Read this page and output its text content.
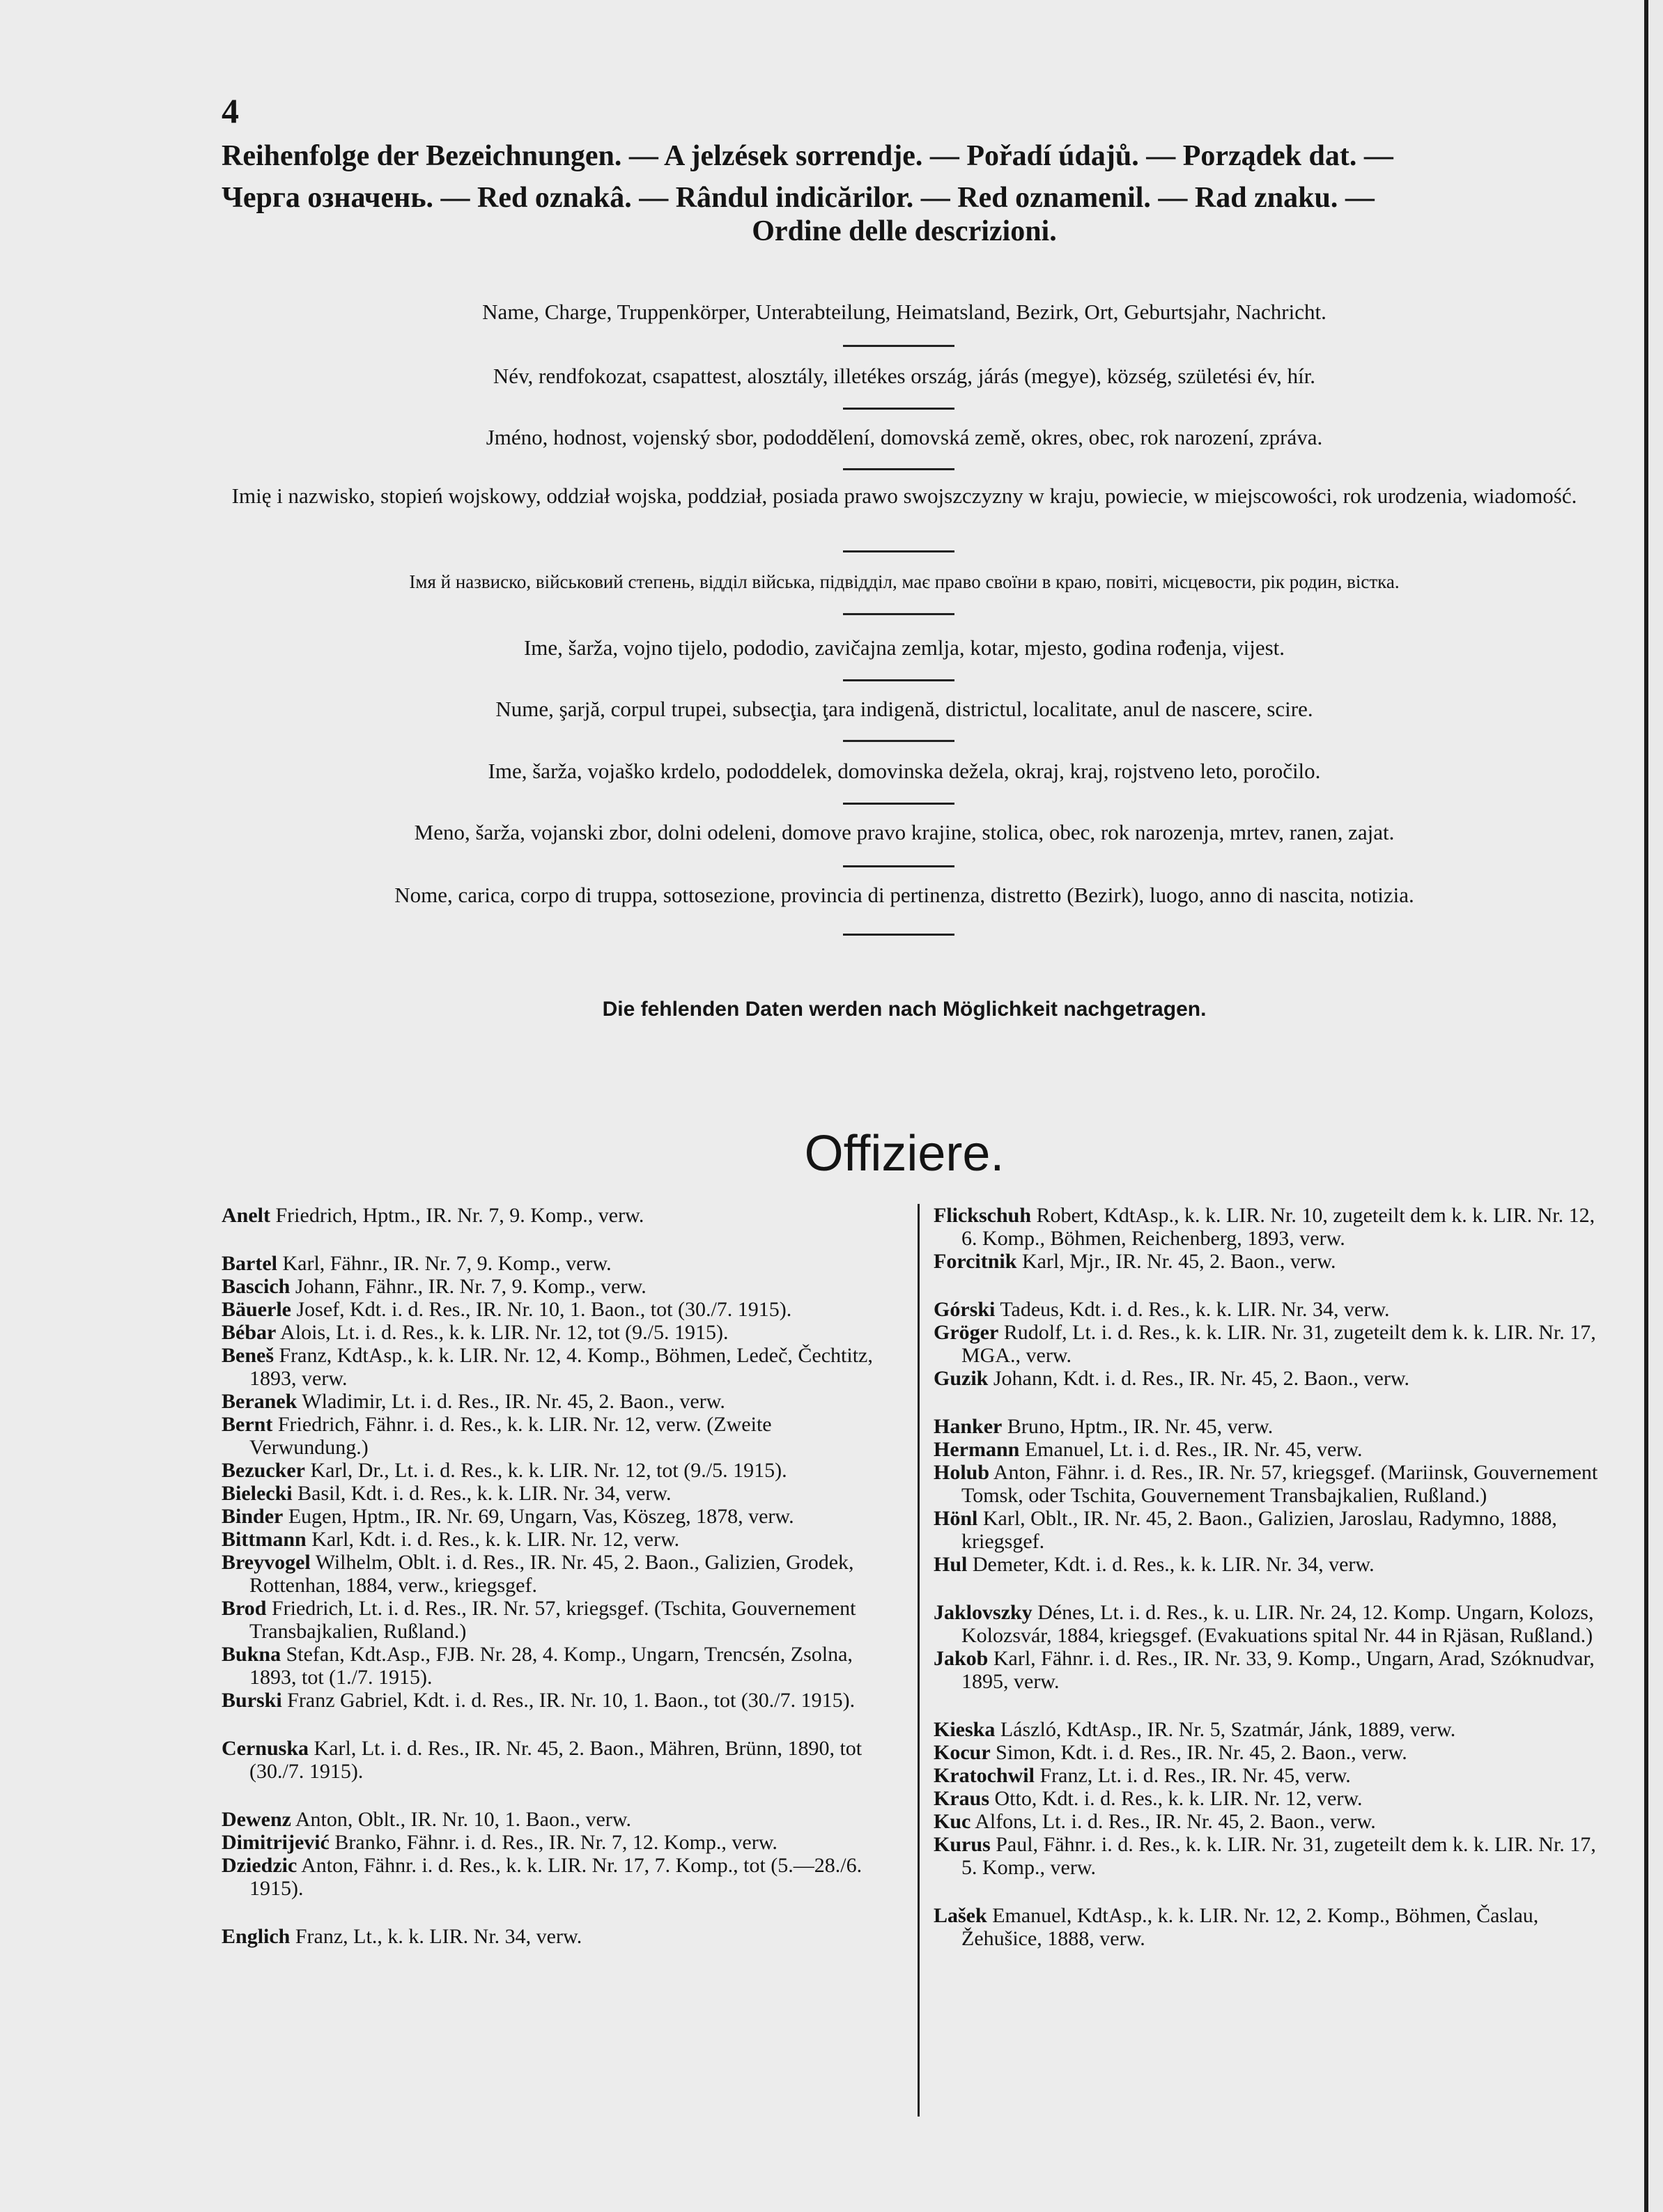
4
Reihenfolge der Bezeichnungen. — A jelzések sorrendje. — Pořadí údajů. — Porządek dat. —
Черга означень. — Red oznakâ. — Rândul indicărilor. — Red oznamenil. — Rad znaku. —
Ordine delle descrizioni.
Name, Charge, Truppenkörper, Unterabteilung, Heimatsland, Bezirk, Ort, Geburtsjahr, Nachricht.
Név, rendfokozat, csapattest, alosztály, illetékes ország, járás (megye), község, születési év, hír.
Jméno, hodnost, vojenský sbor, pododdělení, domovská země, okres, obec, rok narození, zpráva.
Imię i nazwisko, stopień wojskowy, oddział wojska, poddział, posiada prawo swojszczyzny w kraju, powiecie, w miejscowości, rok urodzenia, wiadomość.
Імя й назвиско, військовий степень, відділ війська, підвідділ, має право своїни в краю, повіті, місцевости, рік родин, вістка.
Ime, šarža, vojno tijelo, pododio, zavičajna zemlja, kotar, mjesto, godina rođenja, vijest.
Nume, şarjă, corpul trupei, subsecţia, ţara indigenă, districtul, localitate, anul de nascere, scire.
Ime, šarža, vojaško krdelo, pododdelek, domovinska dežela, okraj, kraj, rojstveno leto, poročilo.
Meno, šarža, vojanski zbor, dolni odeleni, domove pravo krajine, stolica, obec, rok narozenja, mrtev, ranen, zajat.
Nome, carica, corpo di truppa, sottosezione, provincia di pertinenza, distretto (Bezirk), luogo, anno di nascita, notizia.
Die fehlenden Daten werden nach Möglichkeit nachgetragen.
Offiziere.

Anelt Friedrich, Hptm., IR. Nr. 7, 9. Komp., verw.

Bartel Karl, Fähnr., IR. Nr. 7, 9. Komp., verw.

Bascich Johann, Fähnr., IR. Nr. 7, 9. Komp., verw.

Bäuerle Josef, Kdt. i. d. Res., IR. Nr. 10, 1. Baon., tot (30./7. 1915).

Bébar Alois, Lt. i. d. Res., k. k. LIR. Nr. 12, tot (9./5. 1915).

Beneš Franz, KdtAsp., k. k. LIR. Nr. 12, 4. Komp., Böhmen, Ledeč, Čechtitz, 1893, verw.

Beranek Wladimir, Lt. i. d. Res., IR. Nr. 45, 2. Baon., verw.

Bernt Friedrich, Fähnr. i. d. Res., k. k. LIR. Nr. 12, verw. (Zweite Verwundung.)

Bezucker Karl, Dr., Lt. i. d. Res., k. k. LIR. Nr. 12, tot (9./5. 1915).

Bielecki Basil, Kdt. i. d. Res., k. k. LIR. Nr. 34, verw.

Binder Eugen, Hptm., IR. Nr. 69, Ungarn, Vas, Köszeg, 1878, verw.

Bittmann Karl, Kdt. i. d. Res., k. k. LIR. Nr. 12, verw.

Breyvogel Wilhelm, Oblt. i. d. Res., IR. Nr. 45, 2. Baon., Galizien, Grodek, Rottenhan, 1884, verw., kriegsgef.

Brod Friedrich, Lt. i. d. Res., IR. Nr. 57, kriegsgef. (Tschita, Gouvernement Transbajkalien, Rußland.)

Bukna Stefan, Kdt.Asp., FJB. Nr. 28, 4. Komp., Ungarn, Trencsén, Zsolna, 1893, tot (1./7. 1915).

Burski Franz Gabriel, Kdt. i. d. Res., IR. Nr. 10, 1. Baon., tot (30./7. 1915).

Cernuska Karl, Lt. i. d. Res., IR. Nr. 45, 2. Baon., Mähren, Brünn, 1890, tot (30./7. 1915).

Dewenz Anton, Oblt., IR. Nr. 10, 1. Baon., verw.

Dimitrijević Branko, Fähnr. i. d. Res., IR. Nr. 7, 12. Komp., verw.

Dziedzic Anton, Fähnr. i. d. Res., k. k. LIR. Nr. 17, 7. Komp., tot (5.—28./6. 1915).

Englich Franz, Lt., k. k. LIR. Nr. 34, verw.

Flickschuh Robert, KdtAsp., k. k. LIR. Nr. 10, zugeteilt dem k. k. LIR. Nr. 12, 6. Komp., Böhmen, Reichenberg, 1893, verw.

Forcitnik Karl, Mjr., IR. Nr. 45, 2. Baon., verw.

Górski Tadeus, Kdt. i. d. Res., k. k. LIR. Nr. 34, verw.

Gröger Rudolf, Lt. i. d. Res., k. k. LIR. Nr. 31, zugeteilt dem k. k. LIR. Nr. 17, MGA., verw.

Guzik Johann, Kdt. i. d. Res., IR. Nr. 45, 2. Baon., verw.

Hanker Bruno, Hptm., IR. Nr. 45, verw.

Hermann Emanuel, Lt. i. d. Res., IR. Nr. 45, verw.

Holub Anton, Fähnr. i. d. Res., IR. Nr. 57, kriegsgef. (Mariinsk, Gouvernement Tomsk, oder Tschita, Gouvernement Transbajkalien, Rußland.)

Hönl Karl, Oblt., IR. Nr. 45, 2. Baon., Galizien, Jaroslau, Radymno, 1888, kriegsgef.

Hul Demeter, Kdt. i. d. Res., k. k. LIR. Nr. 34, verw.

Jaklovszky Dénes, Lt. i. d. Res., k. u. LIR. Nr. 24, 12. Komp. Ungarn, Kolozs, Kolozsvár, 1884, kriegsgef. (Evakuations spital Nr. 44 in Rjäsan, Rußland.)

Jakob Karl, Fähnr. i. d. Res., IR. Nr. 33, 9. Komp., Ungarn, Arad, Szóknudvar, 1895, verw.

Kieska László, KdtAsp., IR. Nr. 5, Szatmár, Jánk, 1889, verw.

Kocur Simon, Kdt. i. d. Res., IR. Nr. 45, 2. Baon., verw.

Kratochwil Franz, Lt. i. d. Res., IR. Nr. 45, verw.

Kraus Otto, Kdt. i. d. Res., k. k. LIR. Nr. 12, verw.

Kuc Alfons, Lt. i. d. Res., IR. Nr. 45, 2. Baon., verw.

Kurus Paul, Fähnr. i. d. Res., k. k. LIR. Nr. 31, zugeteilt dem k. k. LIR. Nr. 17, 5. Komp., verw.

Lašek Emanuel, KdtAsp., k. k. LIR. Nr. 12, 2. Komp., Böhmen, Časlau, Žehušice, 1888, verw.
